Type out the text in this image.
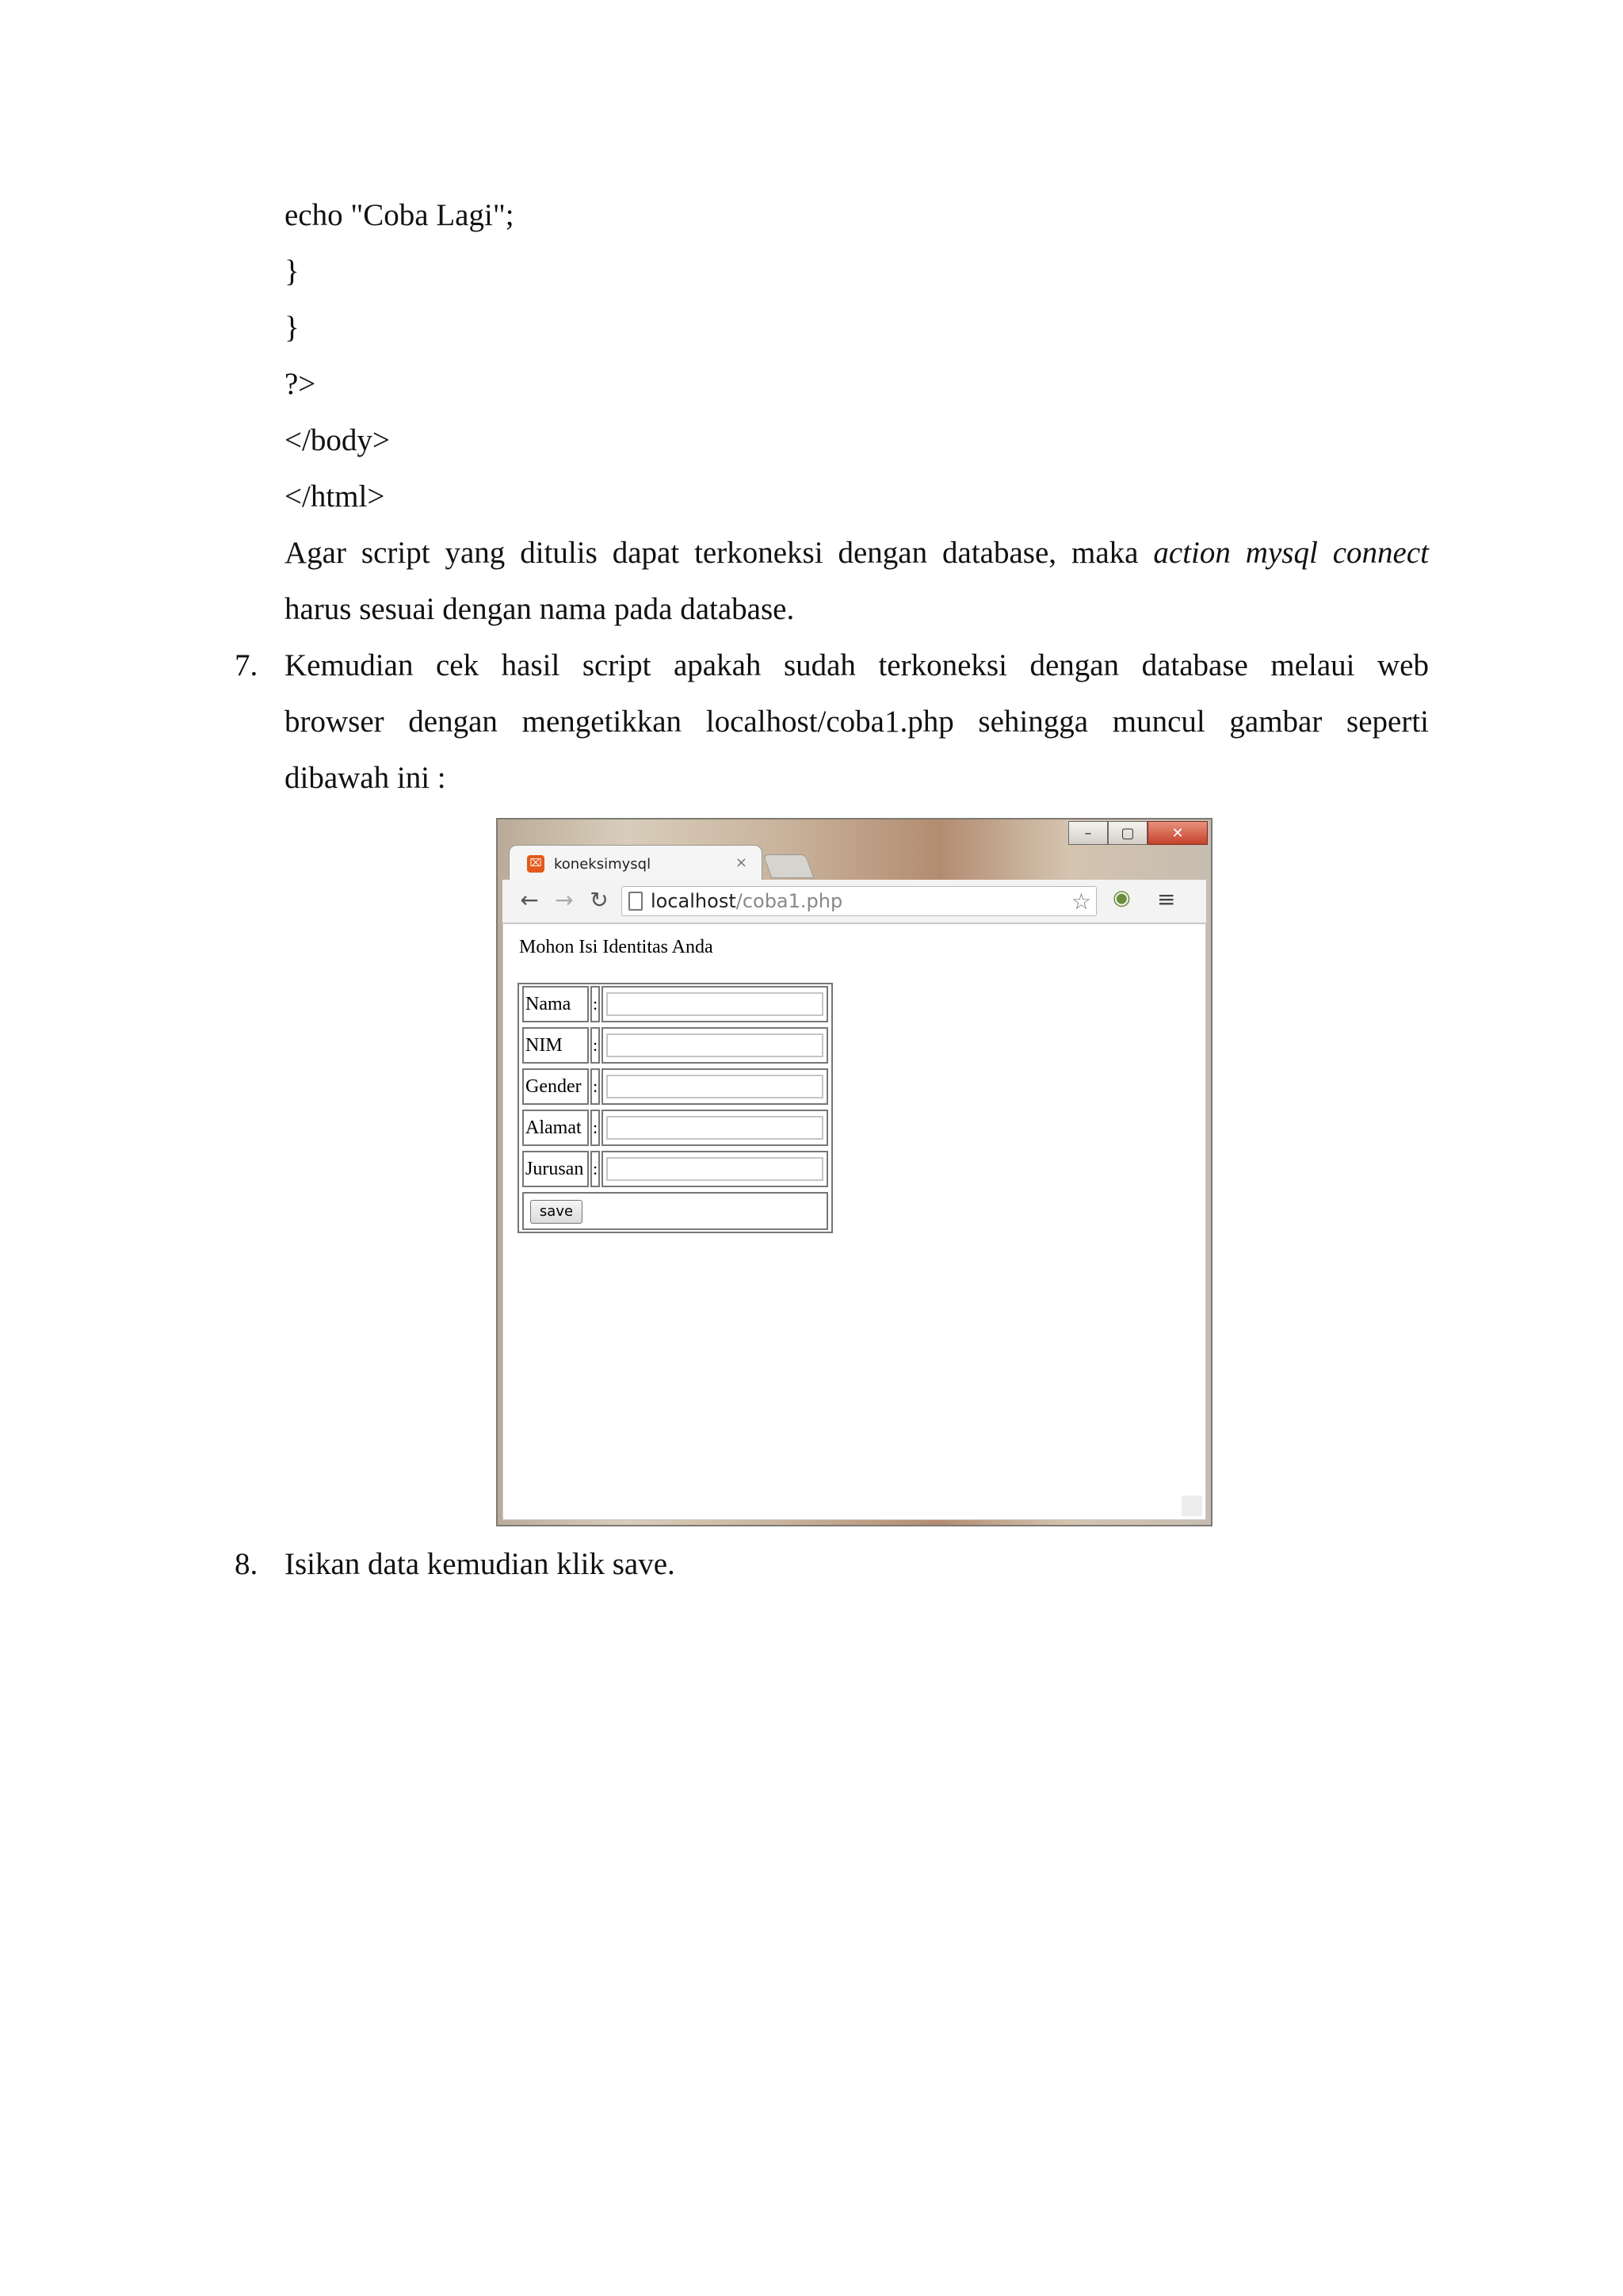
echo "Coba Lagi";
}
}
?>
</body>
</html>
Agar script yang ditulis dapat terkoneksi dengan database, maka action mysql connect
harus sesuai dengan nama pada database.
7. Kemudian cek hasil script apakah sudah terkoneksi dengan database melaui web
browser dengan mengetikkan localhost/coba1.php sehingga muncul gambar seperti
dibawah ini :
–	▢	✕
⌧ koneksimysql	×
← → ↻ localhost/coba1.php	☆ ◉ ≡
Mohon Isi Identitas Anda
Nama	:
NIM	:
Gender :
Alamat :
Jurusan :
save
8. Isikan data kemudian klik save.
